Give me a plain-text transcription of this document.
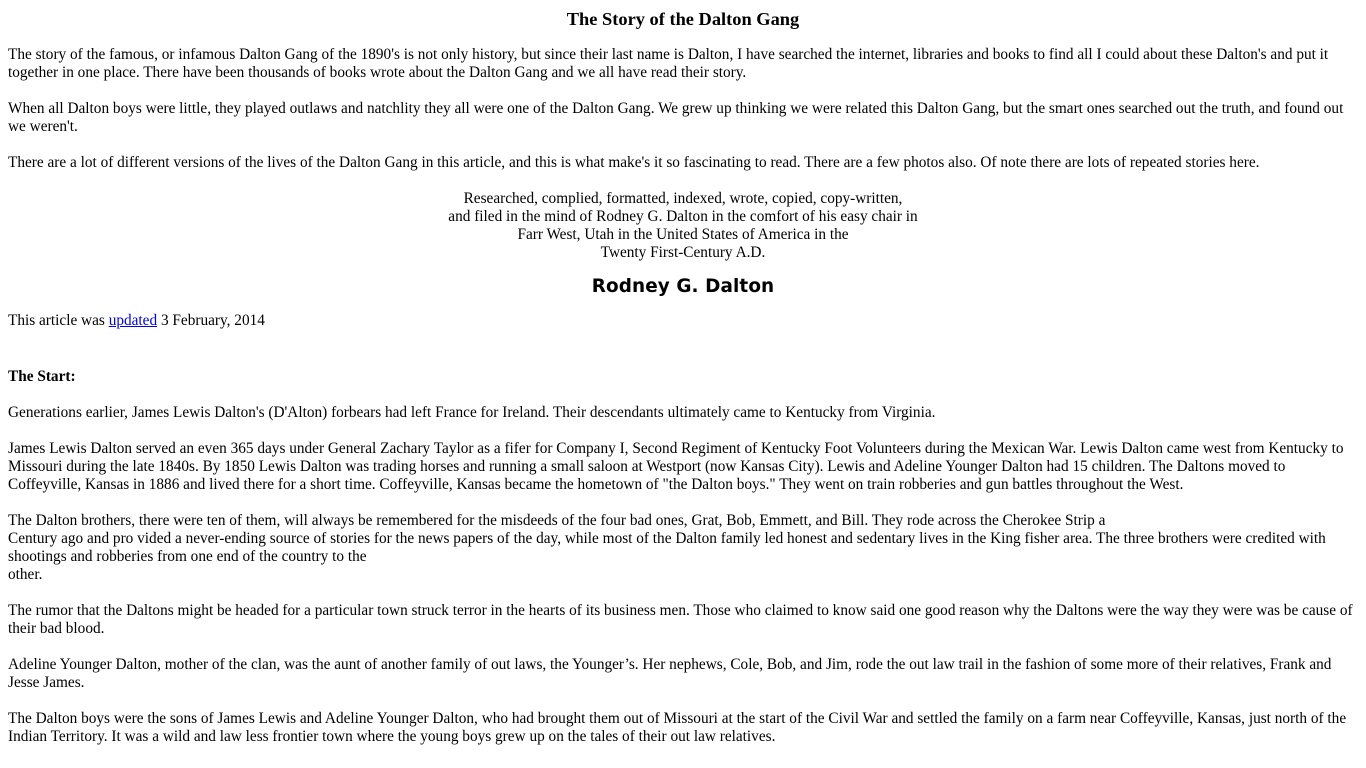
The Story of the Dalton Gang

The story of the famous, or infamous Dalton Gang of the 1890's is not only history, but since their last name is Dalton, I have searched the internet, libraries and books to find all I could about these Dalton's and put it together in one place. There have been thousands of books wrote about the Dalton Gang and we all have read their story.

When all Dalton boys were little, they played outlaws and natchlity they all were one of the Dalton Gang. We grew up thinking we were related this Dalton Gang, but the smart ones searched out the truth, and found out we weren't.

There are a lot of different versions of the lives of the Dalton Gang in this article, and this is what make's it so fascinating to read. There are a few photos also. Of note there are lots of repeated stories here.

Researched, complied, formatted, indexed, wrote, copied, copy-written,
and filed in the mind of Rodney G. Dalton in the comfort of his easy chair in
Farr West, Utah in the United States of America in the
Twenty First-Century A.D.
Rodney G. Dalton

This article was updated 3 February, 2014

The Start:

Generations earlier, James Lewis Dalton's (D'Alton) forbears had left France for Ireland. Their descendants ultimately came to Kentucky from Virginia.

James Lewis Dalton served an even 365 days under General Zachary Taylor as a fifer for Company I, Second Regiment of Kentucky Foot Volunteers during the Mexican War. Lewis Dalton came west from Kentucky to Missouri during the late 1840s. By 1850 Lewis Dalton was trading horses and running a small saloon at Westport (now Kansas City). Lewis and Adeline Younger Dalton had 15 children. The Daltons moved to Coffeyville, Kansas in 1886 and lived there for a short time. Coffeyville, Kansas became the hometown of "the Dalton boys." They went on train robberies and gun battles throughout the West.

The Dalton brothers, there were ten of them, will always be remembered for the misdeeds of the four bad ones, Grat, Bob, Emmett, and Bill. They rode across the Cherokee Strip a
Century ago and pro vided a never-ending source of stories for the news papers of the day, while most of the Dalton family led honest and sedentary lives in the King fisher area. The three brothers were credited with shootings and robberies from one end of the country to the
other.

The rumor that the Daltons might be headed for a particular town struck terror in the hearts of its business men. Those who claimed to know said one good reason why the Daltons were the way they were was be cause of their bad blood.

Adeline Younger Dalton, mother of the clan, was the aunt of another family of out laws, the Younger’s. Her nephews, Cole, Bob, and Jim, rode the out law trail in the fashion of some more of their relatives, Frank and Jesse James.

The Dalton boys were the sons of James Lewis and Adeline Younger Dalton, who had brought them out of Missouri at the start of the Civil War and settled the family on a farm near Coffeyville, Kansas, just north of the Indian Territory. It was a wild and law less frontier town where the young boys grew up on the tales of their out law relatives.
